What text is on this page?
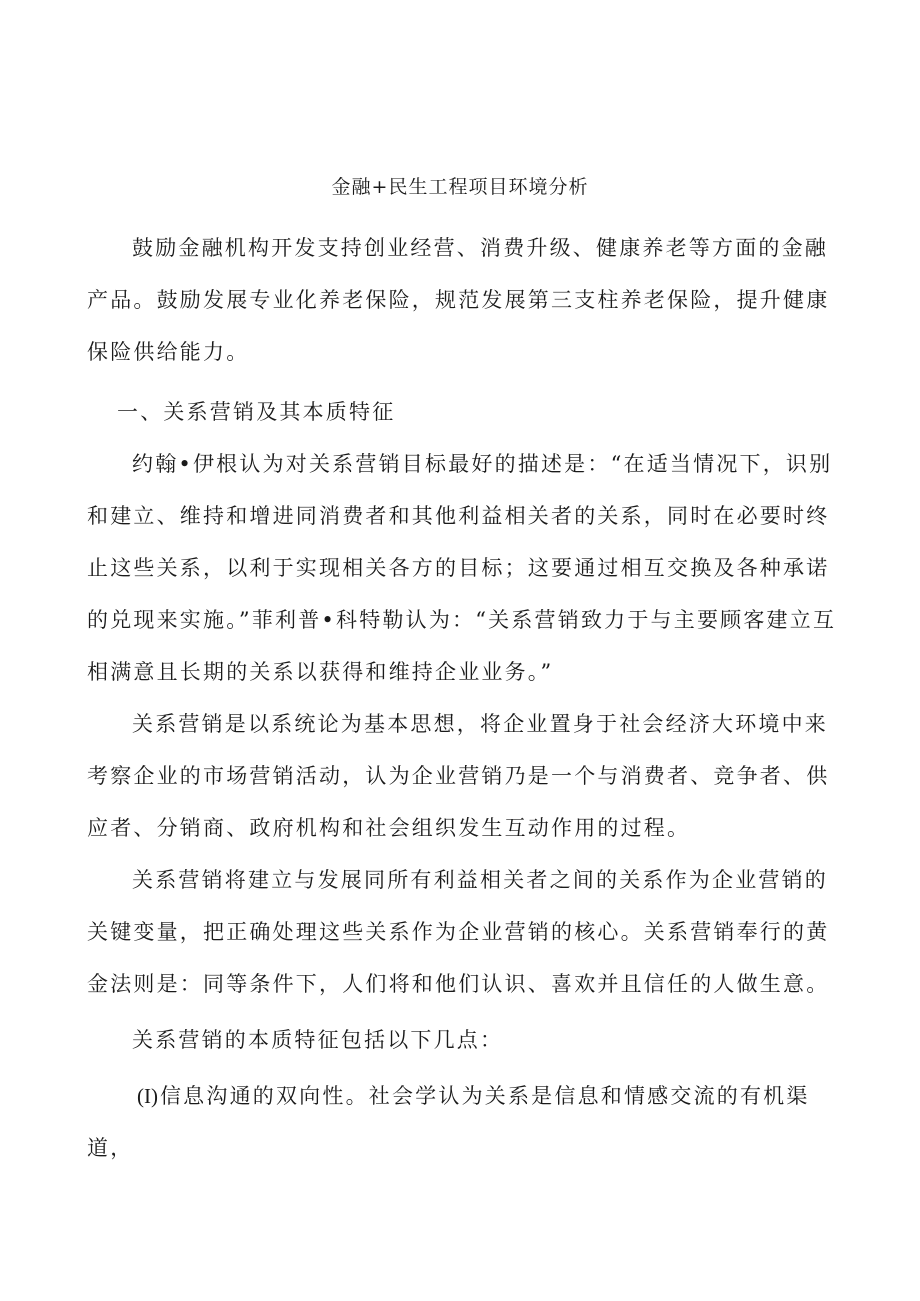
金融+民生工程项目环境分析

鼓励金融机构开发支持创业经营、消费升级、健康养老等方面的金融产品。鼓励发展专业化养老保险，规范发展第三支柱养老保险，提升健康保险供给能力。

一、关系营销及其本质特征

约翰•伊根认为对关系营销目标最好的描述是：“在适当情况下，识别和建立、维持和增进同消费者和其他利益相关者的关系，同时在必要时终止这些关系，以利于实现相关各方的目标；这要通过相互交换及各种承诺的兑现来实施。”菲利普•科特勒认为：“关系营销致力于与主要顾客建立互相满意且长期的关系以获得和维持企业业务。”

关系营销是以系统论为基本思想，将企业置身于社会经济大环境中来考察企业的市场营销活动，认为企业营销乃是一个与消费者、竞争者、供应者、分销商、政府机构和社会组织发生互动作用的过程。

关系营销将建立与发展同所有利益相关者之间的关系作为企业营销的关键变量，把正确处理这些关系作为企业营销的核心。关系营销奉行的黄金法则是：同等条件下，人们将和他们认识、喜欢并且信任的人做生意。

关系营销的本质特征包括以下几点：

(I)信息沟通的双向性。社会学认为关系是信息和情感交流的有机渠道，
